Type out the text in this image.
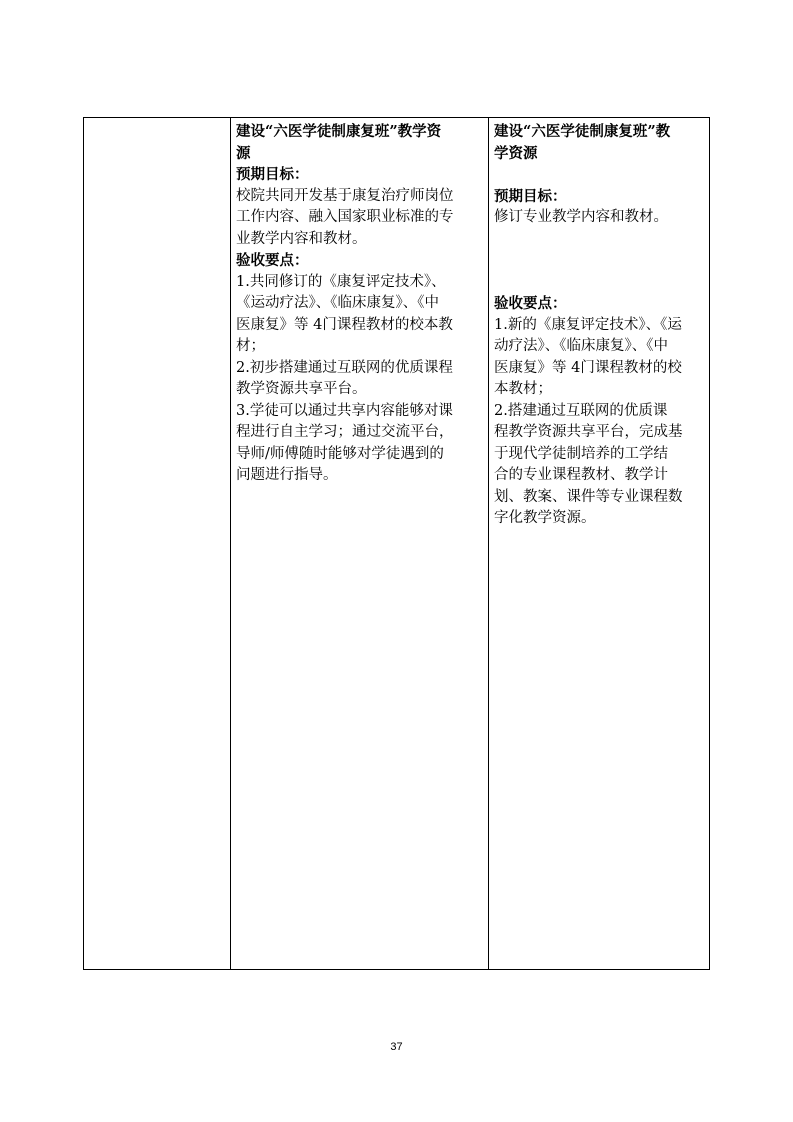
建设“六医学徒制康复班”教学资
源
预期目标：
校院共同开发基于康复治疗师岗位
工作内容、融入国家职业标准的专
业教学内容和教材。
验收要点：
1.共同修订的《康复评定技术》、
《运动疗法》、《临床康复》、《中
医康复》等 4门课程教材的校本教
材；
2.初步搭建通过互联网的优质课程
教学资源共享平台。
3.学徒可以通过共享内容能够对课
程进行自主学习；通过交流平台，
导师/师傅随时能够对学徒遇到的
问题进行指导。
建设“六医学徒制康复班”教
学资源
预期目标：
修订专业教学内容和教材。
验收要点：
1.新的《康复评定技术》、《运
动疗法》、《临床康复》、《中
医康复》等 4门课程教材的校
本教材；
2.搭建通过互联网的优质课
程教学资源共享平台，完成基
于现代学徒制培养的工学结
合的专业课程教材、教学计
划、教案、课件等专业课程数
字化教学资源。
37
